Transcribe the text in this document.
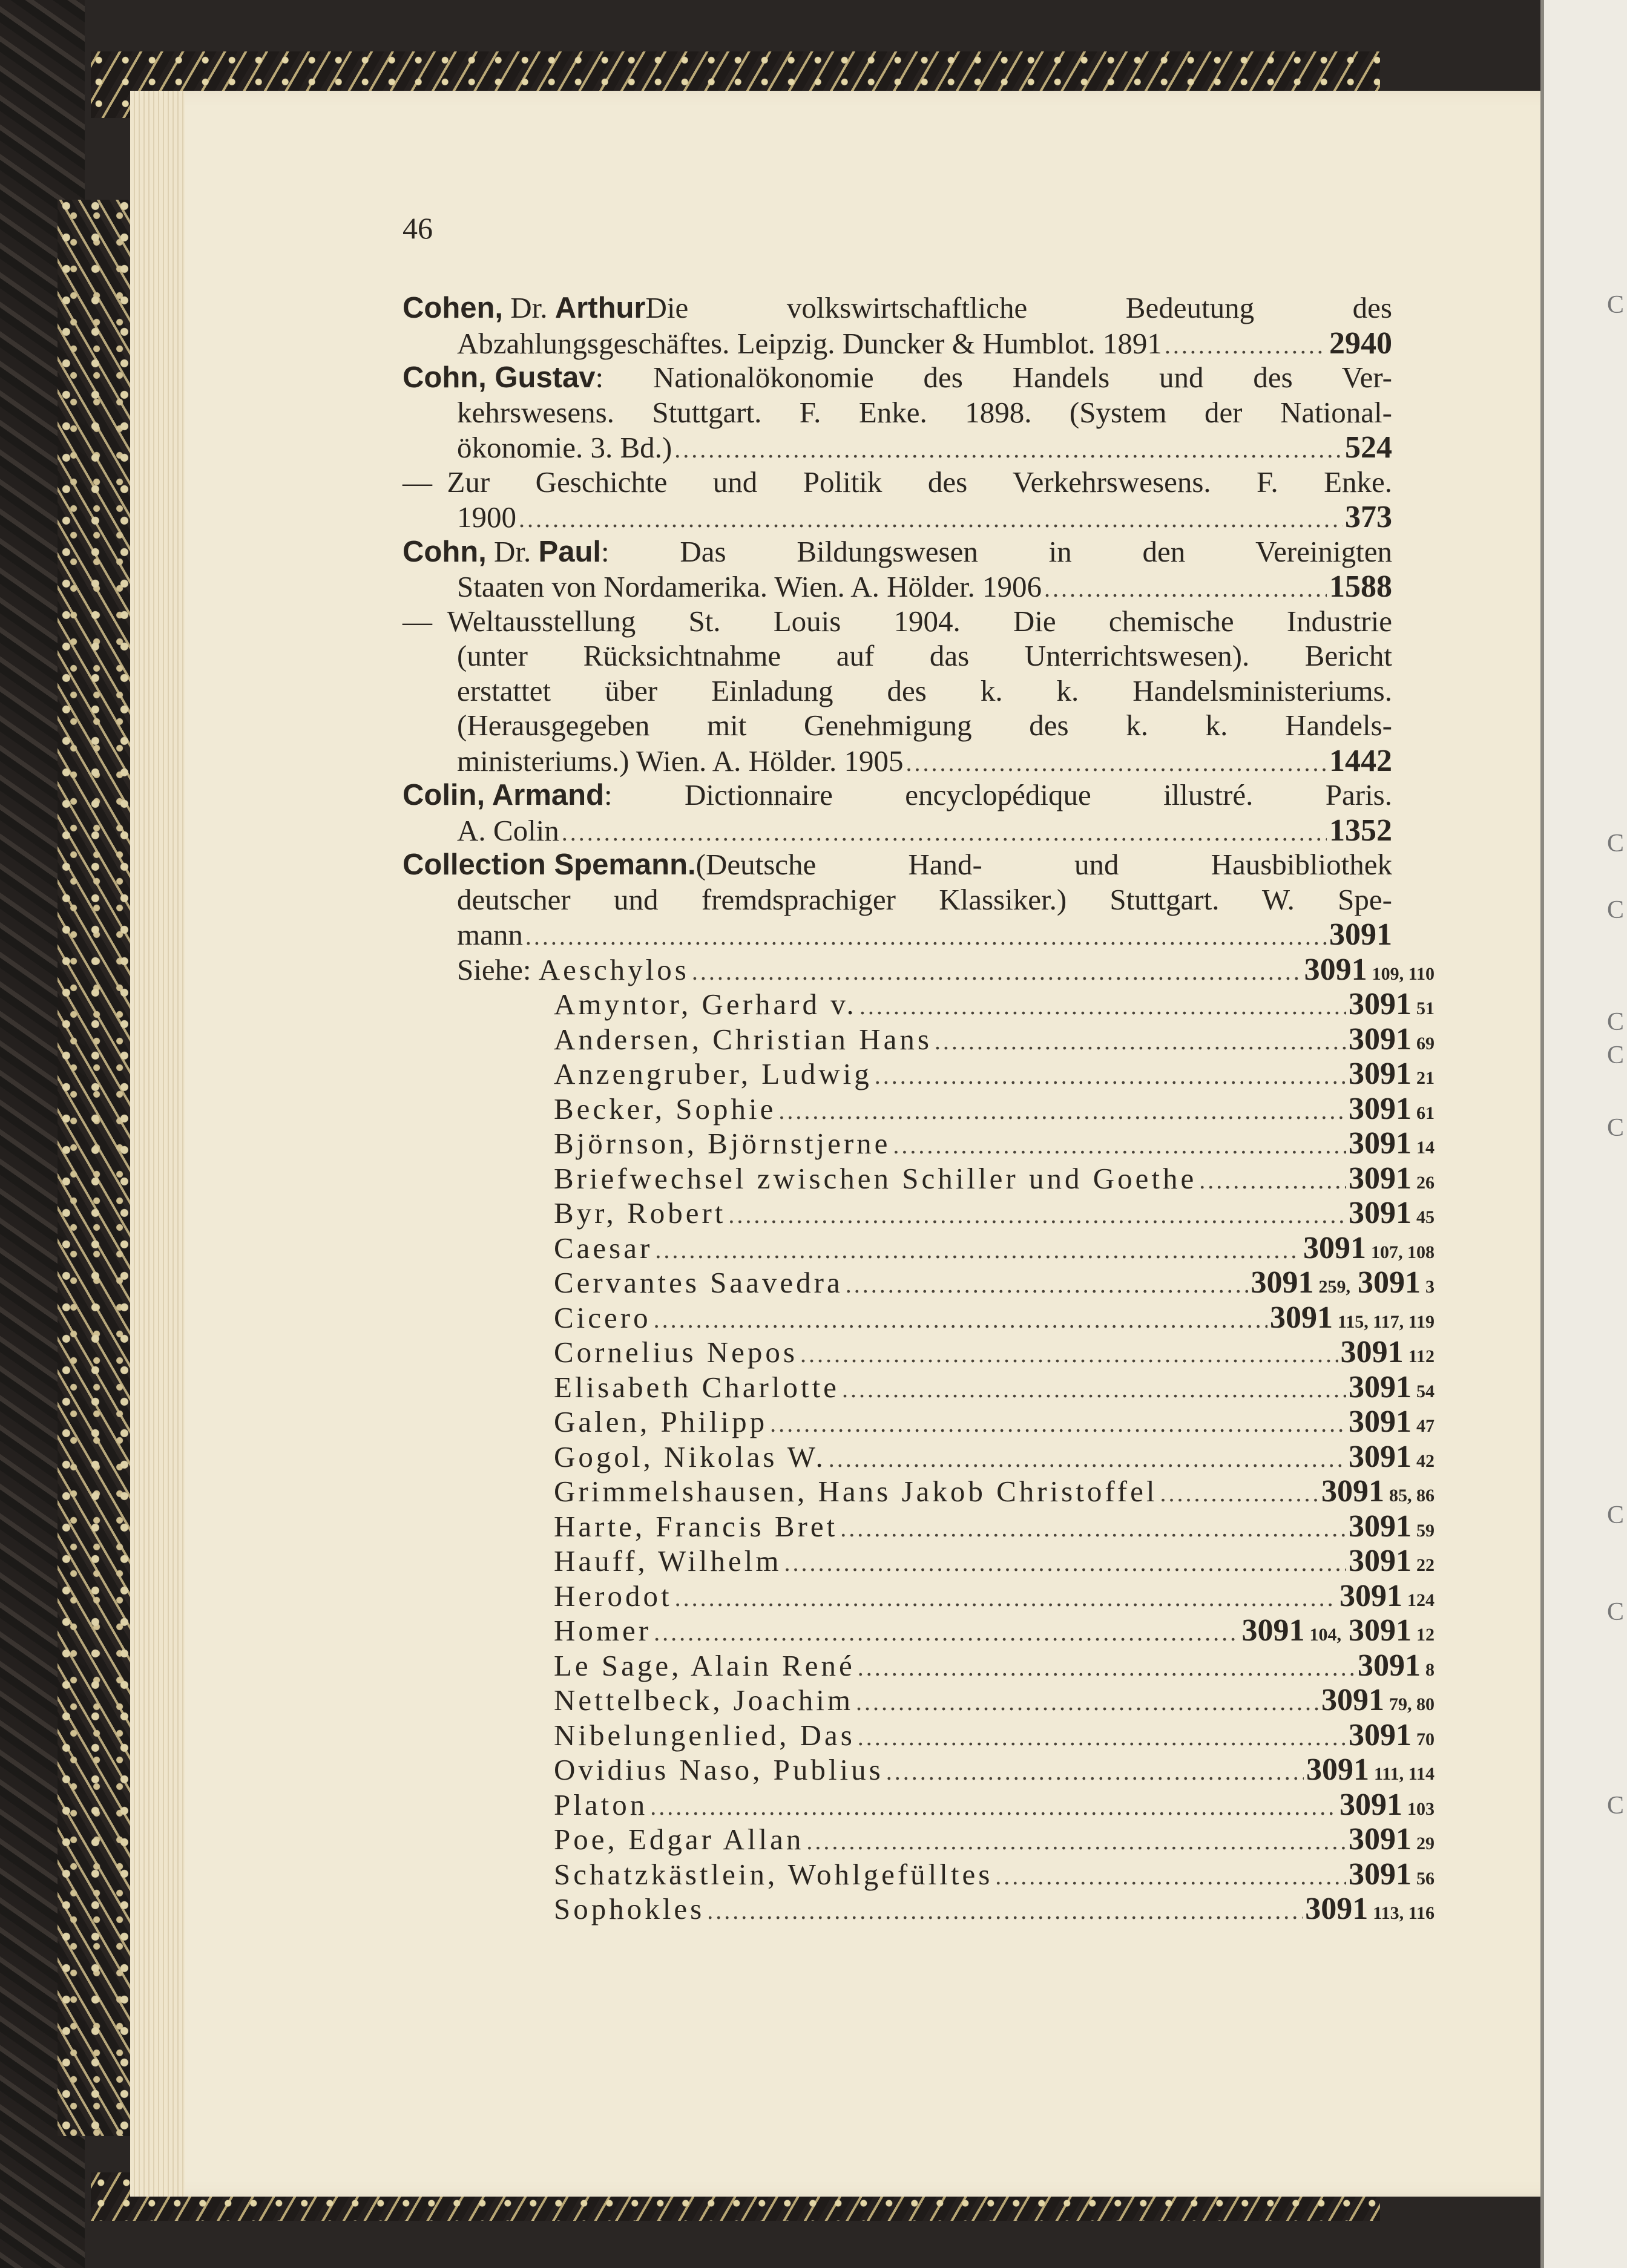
46
C
C
C
C
C
C
C
C
C
Cohen, Dr. Arthur Die volkswirtschaftliche Bedeutung des
Abzahlungsgeschäftes. Leipzig. Duncker & Humblot. 1891 . . .	2940
Cohn, Gustav : Nationalökonomie des Handels und des Ver-
kehrswesens. Stuttgart. F. Enke. 1898. (System der National-
ökonomie. 3. Bd.) . . .	524
— Zur Geschichte und Politik des Verkehrswesens. F. Enke.
1900 . . .	373
Cohn, Dr. Paul : Das Bildungswesen in den Vereinigten
Staaten von Nordamerika. Wien. A. Hölder. 1906 . . .	1588
— Weltausstellung St. Louis 1904. Die chemische Industrie
(unter Rücksichtnahme auf das Unterrichtswesen). Bericht
erstattet über Einladung des k. k. Handelsministeriums.
(Herausgegeben mit Genehmigung des k. k. Handels-
ministeriums.) Wien. A. Hölder. 1905 . . .	1442
Colin, Armand : Dictionnaire encyclopédique illustré. Paris.
A. Colin . . .	1352
Collection Spemann. (Deutsche Hand- und Hausbibliothek
deutscher und fremdsprachiger Klassiker.) Stuttgart. W. Spe-
mann . . .	3091
Siehe: Aeschylos . . .	3091 109, 110
Amyntor, Gerhard v. . . .	3091 51
Andersen, Christian Hans . . .	3091 69
Anzengruber, Ludwig . . .	3091 21
Becker, Sophie . . .	3091 61
Björnson, Björnstjerne . . .	3091 14
Briefwechsel zwischen Schiller und Goethe . . .	3091 26
Byr, Robert . . .	3091 45
Caesar . . .	3091 107, 108
Cervantes Saavedra . . .	3091 259, 3091 3
Cicero . . .	3091 115, 117, 119
Cornelius Nepos . . .	3091 112
Elisabeth Charlotte . . .	3091 54
Galen, Philipp . . .	3091 47
Gogol, Nikolas W. . . .	3091 42
Grimmelshausen, Hans Jakob Christoffel . . .	3091 85, 86
Harte, Francis Bret . . .	3091 59
Hauff, Wilhelm . . .	3091 22
Herodot . . .	3091 124
Homer . . .	3091 104, 3091 12
Le Sage, Alain René . . .	3091 8
Nettelbeck, Joachim . . .	3091 79, 80
Nibelungenlied, Das . . .	3091 70
Ovidius Naso, Publius . . .	3091 111, 114
Platon . . .	3091 103
Poe, Edgar Allan . . .	3091 29
Schatzkästlein, Wohlgefülltes . . .	3091 56
Sophokles . . .	3091 113, 116
